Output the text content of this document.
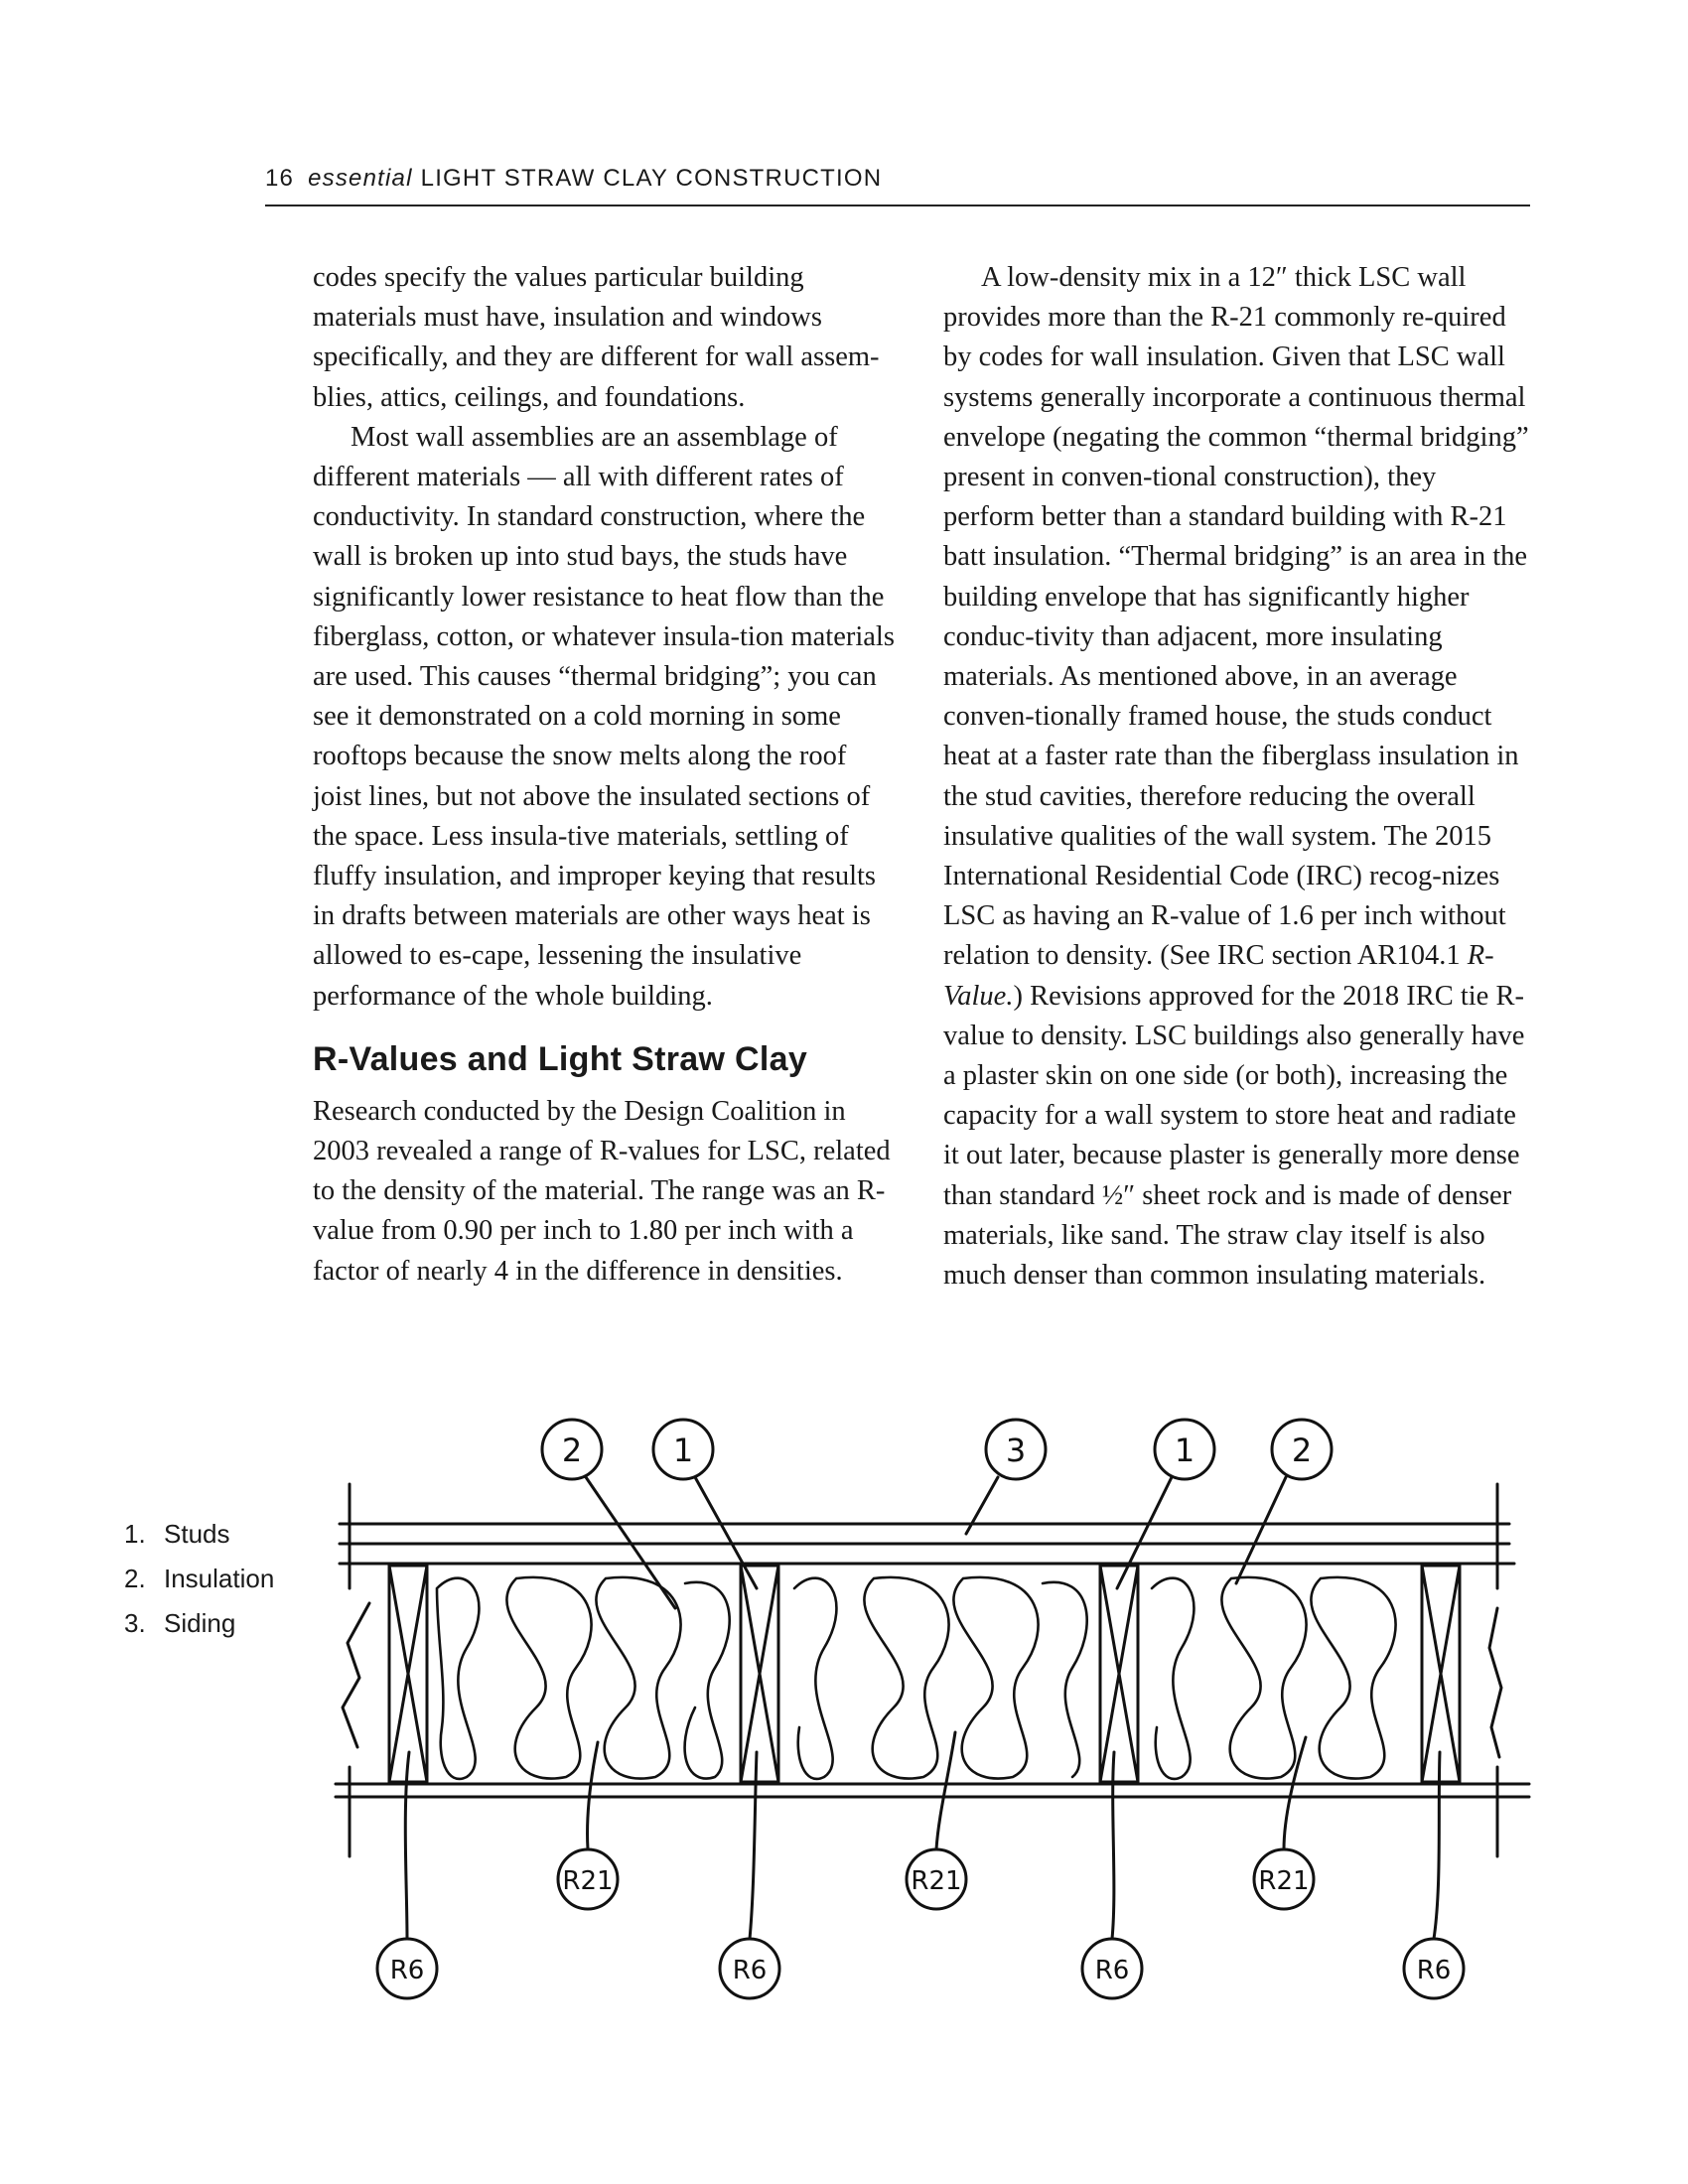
16 essential LIGHT STRAW CLAY CONSTRUCTION

codes specify the values particular building materials must have, insulation and windows specifically, and they are different for wall assem-blies, attics, ceilings, and foundations.

Most wall assemblies are an assemblage of different materials — all with different rates of conductivity. In standard construction, where the wall is broken up into stud bays, the studs have significantly lower resistance to heat flow than the fiberglass, cotton, or whatever insula-tion materials are used. This causes “thermal bridging”; you can see it demonstrated on a cold morning in some rooftops because the snow melts along the roof joist lines, but not above the insulated sections of the space. Less insula-tive materials, settling of fluffy insulation, and improper keying that results in drafts between materials are other ways heat is allowed to es-cape, lessening the insulative performance of the whole building.

R-Values and Light Straw Clay

Research conducted by the Design Coalition in 2003 revealed a range of R-values for LSC, related to the density of the material. The range was an R-value from 0.90 per inch to 1.80 per inch with a factor of nearly 4 in the difference in densities.

A low-density mix in a 12″ thick LSC wall provides more than the R-21 commonly re-quired by codes for wall insulation. Given that LSC wall systems generally incorporate a continuous thermal envelope (negating the common “thermal bridging” present in conven-tional construction), they perform better than a standard building with R-21 batt insulation. “Thermal bridging” is an area in the building envelope that has significantly higher conduc-tivity than adjacent, more insulating materials. As mentioned above, in an average conven-tionally framed house, the studs conduct heat at a faster rate than the fiberglass insulation in the stud cavities, therefore reducing the overall insulative qualities of the wall system. The 2015 International Residential Code (IRC) recog-nizes LSC as having an R-value of 1.6 per inch without relation to density. (See IRC section AR104.1 R-Value.) Revisions approved for the 2018 IRC tie R-value to density. LSC buildings also generally have a plaster skin on one side (or both), increasing the capacity for a wall system to store heat and radiate it out later, because plaster is generally more dense than standard ½″ sheet rock and is made of denser materials, like sand. The straw clay itself is also much denser than common insulating materials.

1. Studs
2. Insulation
3. Siding
2	1	3	1	2
R21	R21	R21
R6	R6	R6	R6
